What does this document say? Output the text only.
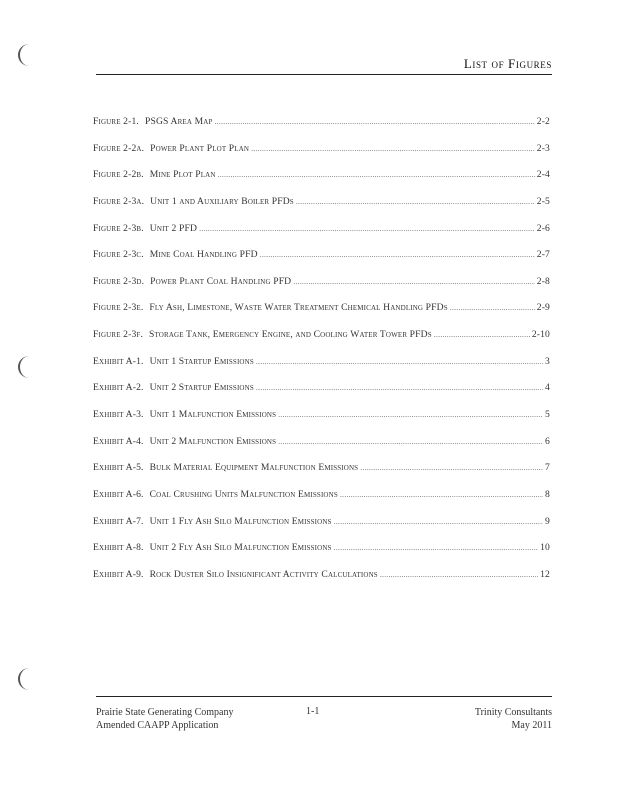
List of Figures
Figure 2-1. PSGS Area Map .....	2-2
Figure 2-2a. Power Plant Plot Plan .....	2-3
Figure 2-2b. Mine Plot Plan .....	2-4
Figure 2-3a. Unit 1 and Auxiliary Boiler PFDs .....	2-5
Figure 2-3b. Unit 2 PFD .....	2-6
Figure 2-3c. Mine Coal Handling PFD .....	2-7
Figure 2-3d. Power Plant Coal Handling PFD .....	2-8
Figure 2-3e. Fly Ash, Limestone, Waste Water Treatment Chemical Handling PFDs .....	2-9
Figure 2-3f. Storage Tank, Emergency Engine, and Cooling Water Tower PFDs .....	2-10
Exhibit A-1. Unit 1 Startup Emissions .....	3
Exhibit A-2. Unit 2 Startup Emissions .....	4
Exhibit A-3. Unit 1 Malfunction Emissions .....	5
Exhibit A-4. Unit 2 Malfunction Emissions .....	6
Exhibit A-5. Bulk Material Equipment Malfunction Emissions .....	7
Exhibit A-6. Coal Crushing Units Malfunction Emissions .....	8
Exhibit A-7. Unit 1 Fly Ash Silo Malfunction Emissions .....	9
Exhibit A-8. Unit 2 Fly Ash Silo Malfunction Emissions .....	10
Exhibit A-9. Rock Duster Silo Insignificant Activity Calculations .....	12
Prairie State Generating Company
Amended CAAPP Application
1-1	Trinity Consultants
May 2011
